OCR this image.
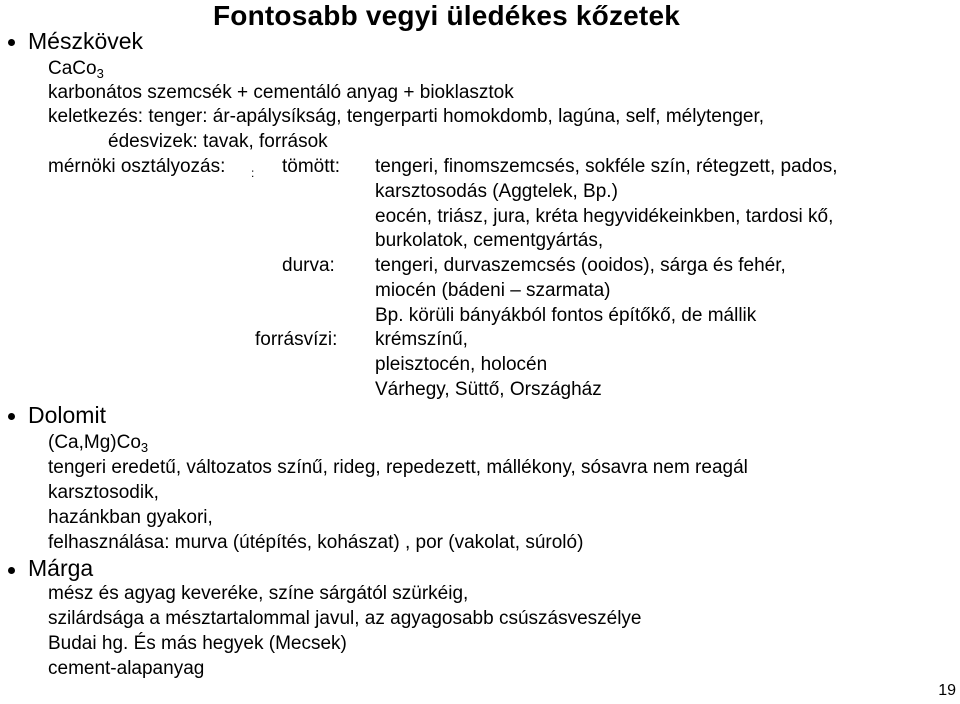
Fontosabb vegyi üledékes kőzetek
Mészkövek
CaCo$_3$
karbonátos szemcsék + cementáló anyag + bioklasztok
keletkezés: tenger: ár-apálysíkság, tengerparti homokdomb, lagúna, self, mélytenger,
édesvizek: tavak, források
mérnöki osztályozás: : tömött: tengeri, finomszemcsés, sokféle szín, rétegzett, pados,
karsztosodás (Aggtelek, Bp.)
eocén, triász, jura, kréta hegyvidékeinkben, tardosi kő,
burkolatok, cementgyártás,
durva: tengeri, durvaszemcsés (ooidos), sárga és fehér,
miocén (bádeni – szarmata)
Bp. körüli bányákból fontos építőkő, de mállik
forrásvízi: krémszínű,
pleisztocén, holocén
Várhegy, Süttő, Országház
Dolomit
$(Ca,Mg)Co_3$
tengeri eredetű, változatos színű, rideg, repedezett, mállékony, sósavra nem reagál
karsztosodik,
hazánkban gyakori,
felhasználása: murva (útépítés, kohászat) , por (vakolat, súroló)
Márga
mész és agyag keveréke, színe sárgától szürkéig,
szilárdsága a mésztartalommal javul, az agyagosabb csúszásveszélye
Budai hg. És más hegyek (Mecsek)
cement-alapanyag
19
